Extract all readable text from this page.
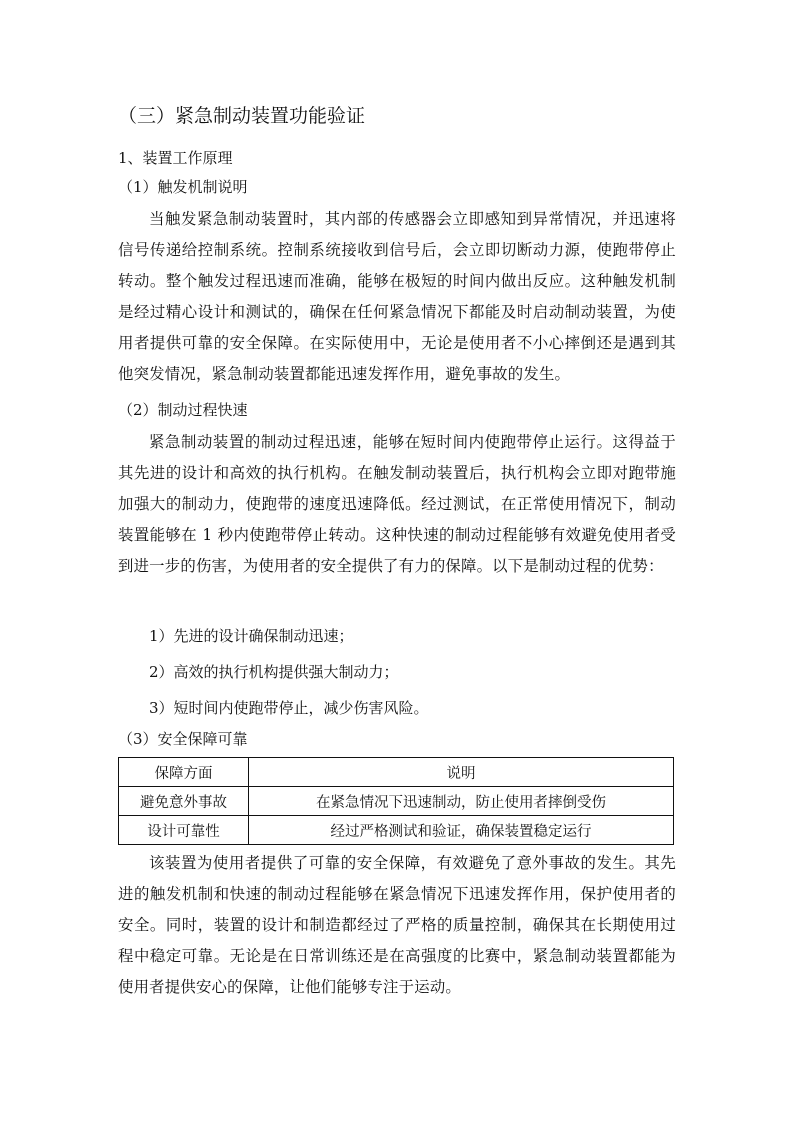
（三）紧急制动装置功能验证
1、装置工作原理
（1）触发机制说明
当触发紧急制动装置时，其内部的传感器会立即感知到异常情况，并迅速将信号传递给控制系统。控制系统接收到信号后，会立即切断动力源，使跑带停止转动。整个触发过程迅速而准确，能够在极短的时间内做出反应。这种触发机制是经过精心设计和测试的，确保在任何紧急情况下都能及时启动制动装置，为使用者提供可靠的安全保障。在实际使用中，无论是使用者不小心摔倒还是遇到其他突发情况，紧急制动装置都能迅速发挥作用，避免事故的发生。
（2）制动过程快速
紧急制动装置的制动过程迅速，能够在短时间内使跑带停止运行。这得益于其先进的设计和高效的执行机构。在触发制动装置后，执行机构会立即对跑带施加强大的制动力，使跑带的速度迅速降低。经过测试，在正常使用情况下，制动装置能够在 1 秒内使跑带停止转动。这种快速的制动过程能够有效避免使用者受到进一步的伤害，为使用者的安全提供了有力的保障。以下是制动过程的优势：
1）先进的设计确保制动迅速；
2）高效的执行机构提供强大制动力；
3）短时间内使跑带停止，减少伤害风险。
（3）安全保障可靠
保障方面	说明
避免意外事故	在紧急情况下迅速制动，防止使用者摔倒受伤
设计可靠性	经过严格测试和验证，确保装置稳定运行
该装置为使用者提供了可靠的安全保障，有效避免了意外事故的发生。其先进的触发机制和快速的制动过程能够在紧急情况下迅速发挥作用，保护使用者的安全。同时，装置的设计和制造都经过了严格的质量控制，确保其在长期使用过程中稳定可靠。无论是在日常训练还是在高强度的比赛中，紧急制动装置都能为使用者提供安心的保障，让他们能够专注于运动。
